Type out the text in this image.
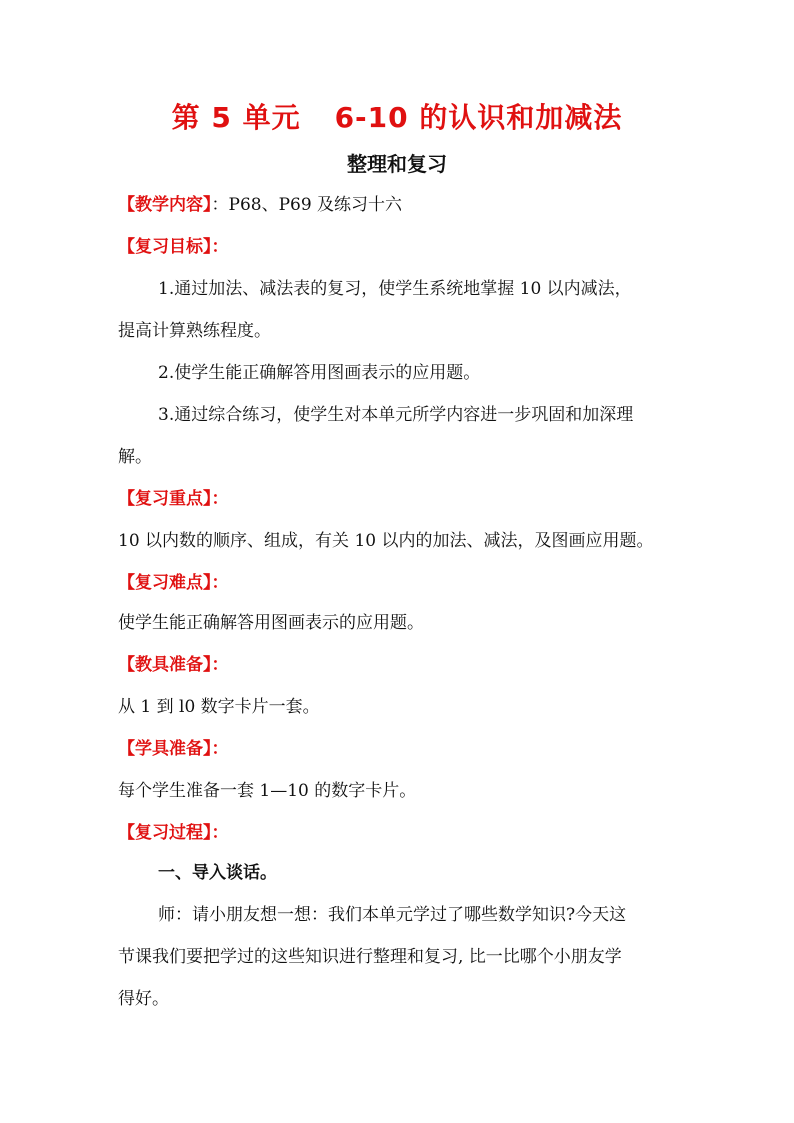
第 5 单元 6-10 的认识和加减法
整理和复习
【教学内容】：P68、P69 及练习十六
【复习目标】：
1.通过加法、减法表的复习，使学生系统地掌握 10 以内减法，
提高计算熟练程度。
2.使学生能正确解答用图画表示的应用题。
3.通过综合练习，使学生对本单元所学内容进一步巩固和加深理
解。
【复习重点】：
10 以内数的顺序、组成，有关 10 以内的加法、减法，及图画应用题。
【复习难点】：
使学生能正确解答用图画表示的应用题。
【教具准备】：
从 1 到 l0 数字卡片一套。
【学具准备】：
每个学生准备一套 1—10 的数字卡片。
【复习过程】：
一、导入谈话。
师：请小朋友想一想：我们本单元学过了哪些数学知识?今天这
节课我们要把学过的这些知识进行整理和复习, 比一比哪个小朋友学
得好。
